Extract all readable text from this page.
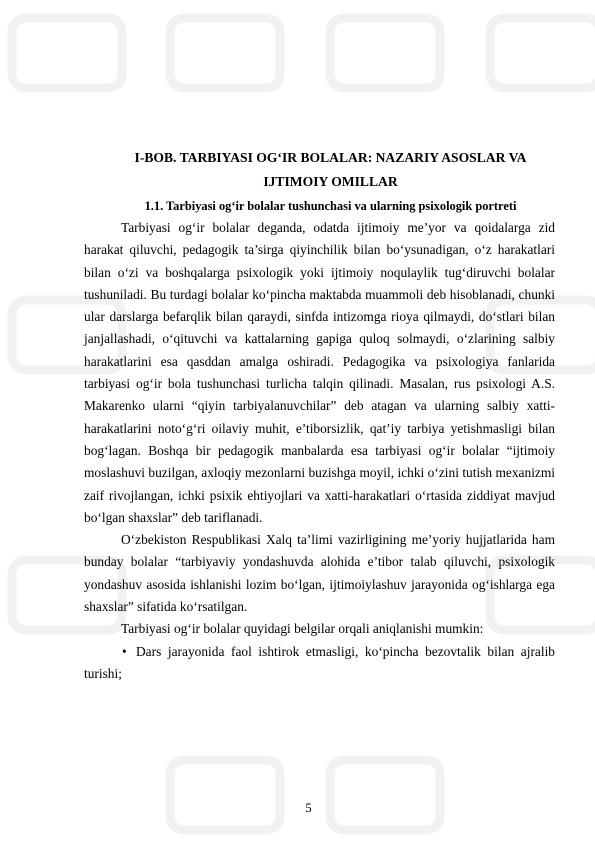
I-BOB. TARBIYASI OG‘IR BOLALAR: NAZARIY ASOSLAR VA IJTIMOIY OMILLAR
1.1. Tarbiyasi og‘ir bolalar tushunchasi va ularning psixologik portreti

Tarbiyasi og‘ir bolalar deganda, odatda ijtimoiy me’yor va qoidalarga zid harakat qiluvchi, pedagogik ta’sirga qiyinchilik bilan bo‘ysunadigan, o‘z harakatlari bilan o‘zi va boshqalarga psixologik yoki ijtimoiy noqulaylik tug‘diruvchi bolalar tushuniladi. Bu turdagi bolalar ko‘pincha maktabda muammoli deb hisoblanadi, chunki ular darslarga befarqlik bilan qaraydi, sinfda intizomga rioya qilmaydi, do‘stlari bilan janjallashadi, o‘qituvchi va kattalarning gapiga quloq solmaydi, o‘zlarining salbiy harakatlarini esa qasddan amalga oshiradi. Pedagogika va psixologiya fanlarida tarbiyasi og‘ir bola tushunchasi turlicha talqin qilinadi. Masalan, rus psixologi A.S. Makarenko ularni “qiyin tarbiyalanuvchilar” deb atagan va ularning salbiy xatti-harakatlarini noto‘g‘ri oilaviy muhit, e’tiborsizlik, qat’iy tarbiya yetishmasligi bilan bog‘lagan. Boshqa bir pedagogik manbalarda esa tarbiyasi og‘ir bolalar “ijtimoiy moslashuvi buzilgan, axloqiy mezonlarni buzishga moyil, ichki o‘zini tutish mexanizmi zaif rivojlangan, ichki psixik ehtiyojlari va xatti-harakatlari o‘rtasida ziddiyat mavjud bo‘lgan shaxslar” deb tariflanadi.

O‘zbekiston Respublikasi Xalq ta’limi vazirligining me’yoriy hujjatlarida ham bunday bolalar “tarbiyaviy yondashuvda alohida e’tibor talab qiluvchi, psixologik yondashuv asosida ishlanishi lozim bo‘lgan, ijtimoiylashuv jarayonida og‘ishlarga ega shaxslar” sifatida ko‘rsatilgan.

Tarbiyasi og‘ir bolalar quyidagi belgilar orqali aniqlanishi mumkin:

• Dars jarayonida faol ishtirok etmasligi, ko‘pincha bezovtalik bilan ajralib turishi;

5
